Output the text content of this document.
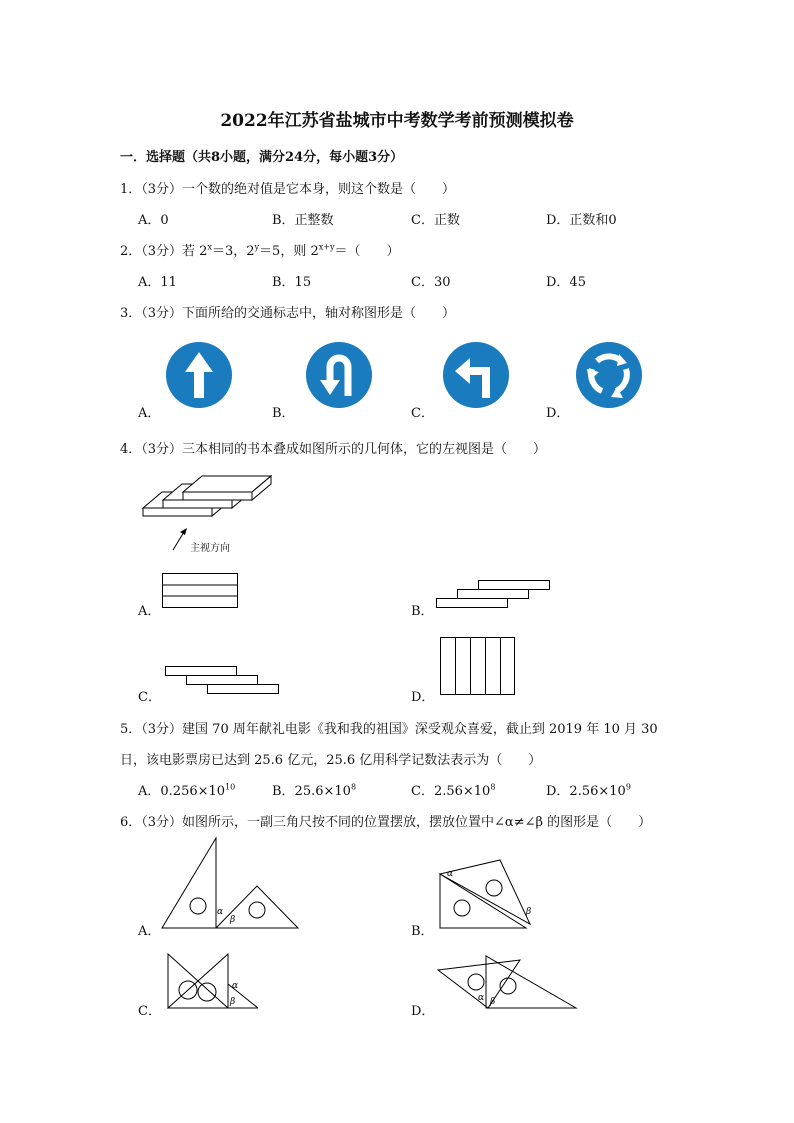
2022年江苏省盐城市中考数学考前预测模拟卷
一．选择题（共8小题，满分24分，每小题3分）
1．（3分）一个数的绝对值是它本身，则这个数是（　　）
A．0	B．正整数	C．正数	D．正数和0
2．（3分）若 $2^x=3$，$2^y=5$，则 $2^{x+y}=$（　　）
A．11	B．15	C．30	D．45
3．（3分）下面所给的交通标志中，轴对称图形是（　　）
A．	B．	C．	D．
4．（3分）三本相同的书本叠成如图所示的几何体，它的左视图是（　　）
主视方向
A．	B．
C．	D．
5．（3分）建国 70 周年献礼电影《我和我的祖国》深受观众喜爱，截止到 2019 年 10 月 30
日，该电影票房已达到 25.6 亿元，25.6 亿用科学记数法表示为（　　）
A．$0.256\times 10^{10}$	B．$25.6\times 10^8$	C．$2.56\times 10^8$	D．$2.56\times 10^9$
6．（3分）如图所示，一副三角尺按不同的位置摆放，摆放位置中∠α≠∠β 的图形是（　　）
A．
α
β
B．
α
β
C．
α
β
D．
α β
